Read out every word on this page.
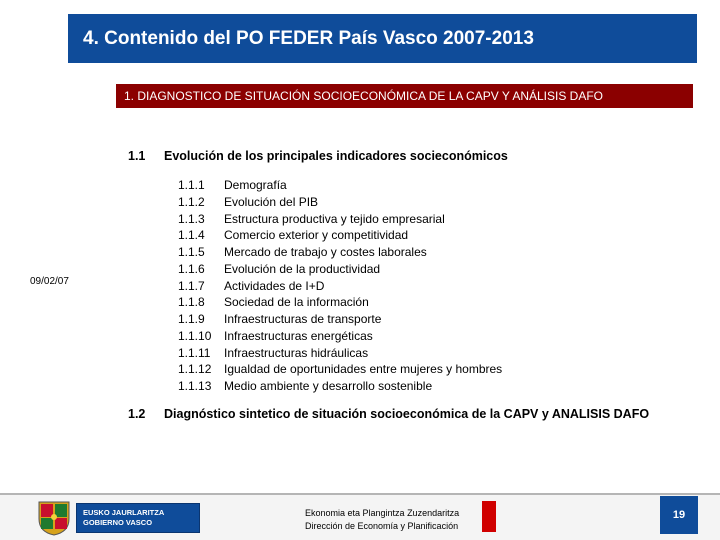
4. Contenido del PO FEDER País Vasco 2007-2013
09/02/07
1. DIAGNOSTICO DE SITUACIÓN SOCIOECONÓMICA DE LA CAPV Y ANÁLISIS DAFO
1.1 Evolución de los principales indicadores socieconómicos
1.1.1	Demografía
1.1.2	Evolución del PIB
1.1.3	Estructura productiva y tejido empresarial
1.1.4	Comercio exterior y competitividad
1.1.5	Mercado de trabajo y costes laborales
1.1.6	Evolución de la productividad
1.1.7	Actividades de I+D
1.1.8	Sociedad de la información
1.1.9	Infraestructuras de transporte
1.1.10	Infraestructuras energéticas
1.1.11	Infraestructuras hidráulicas
1.1.12	Igualdad de oportunidades entre mujeres y hombres
1.1.13	Medio ambiente y desarrollo sostenible
1.2 Diagnóstico sintetico de situación socioeconómica de la CAPV y ANALISIS DAFO
EUSKO JAURLARITZA
GOBIERNO VASCO
Ekonomia eta Plangintza Zuzendaritza
Dirección de Economía y Planificación
19
